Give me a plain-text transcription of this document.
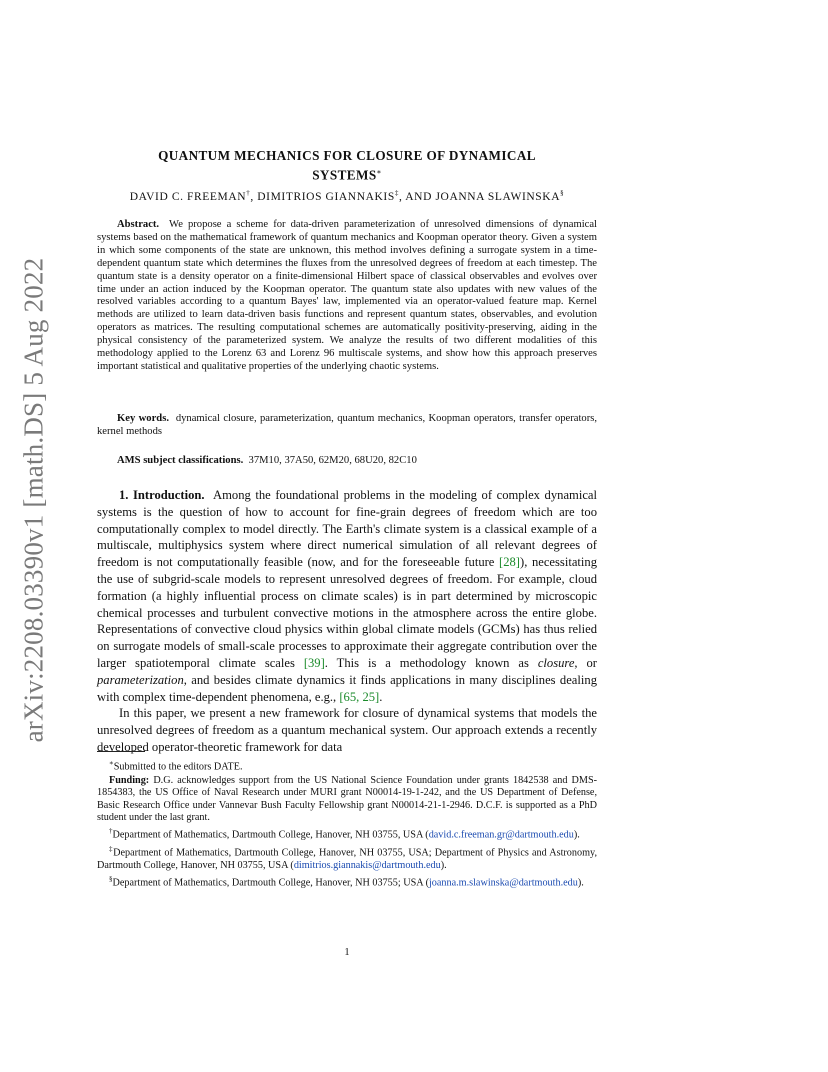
arXiv:2208.03390v1 [math.DS] 5 Aug 2022
QUANTUM MECHANICS FOR CLOSURE OF DYNAMICAL
SYSTEMS∗
DAVID C. FREEMAN†, DIMITRIOS GIANNAKIS‡, AND JOANNA SLAWINSKA§

Abstract. We propose a scheme for data-driven parameterization of unresolved dimensions of dynamical systems based on the mathematical framework of quantum mechanics and Koopman operator theory. Given a system in which some components of the state are unknown, this method involves defining a surrogate system in a time-dependent quantum state which determines the fluxes from the unresolved degrees of freedom at each timestep. The quantum state is a density operator on a finite-dimensional Hilbert space of classical observables and evolves over time under an action induced by the Koopman operator. The quantum state also updates with new values of the resolved variables according to a quantum Bayes' law, implemented via an operator-valued feature map. Kernel methods are utilized to learn data-driven basis functions and represent quantum states, observables, and evolution operators as matrices. The resulting computational schemes are automatically positivity-preserving, aiding in the physical consistency of the parameterized system. We analyze the results of two different modalities of this methodology applied to the Lorenz 63 and Lorenz 96 multiscale systems, and show how this approach preserves important statistical and qualitative properties of the underlying chaotic systems.

Key words. dynamical closure, parameterization, quantum mechanics, Koopman operators, transfer operators, kernel methods

AMS subject classifications. 37M10, 37A50, 62M20, 68U20, 82C10

1. Introduction. Among the foundational problems in the modeling of complex dynamical systems is the question of how to account for fine-grain degrees of freedom which are too computationally complex to model directly. The Earth's climate system is a classical example of a multiscale, multiphysics system where direct numerical simulation of all relevant degrees of freedom is not computationally feasible (now, and for the foreseeable future [28]), necessitating the use of subgrid-scale models to represent unresolved degrees of freedom. For example, cloud formation (a highly influential process on climate scales) is in part determined by microscopic chemical processes and turbulent convective motions in the atmosphere across the entire globe. Representations of convective cloud physics within global climate models (GCMs) has thus relied on surrogate models of small-scale processes to approximate their aggregate contribution over the larger spatiotemporal climate scales [39]. This is a methodology known as closure, or parameterization, and besides climate dynamics it finds applications in many disciplines dealing with complex time-dependent phenomena, e.g., [65, 25].

In this paper, we present a new framework for closure of dynamical systems that models the unresolved degrees of freedom as a quantum mechanical system. Our approach extends a recently developed operator-theoretic framework for data

∗Submitted to the editors DATE.

Funding: D.G. acknowledges support from the US National Science Foundation under grants 1842538 and DMS-1854383, the US Office of Naval Research under MURI grant N00014-19-1-242, and the US Department of Defense, Basic Research Office under Vannevar Bush Faculty Fellowship grant N00014-21-1-2946. D.C.F. is supported as a PhD student under the last grant.

†Department of Mathematics, Dartmouth College, Hanover, NH 03755, USA (david.c.freeman.gr@dartmouth.edu).

‡Department of Mathematics, Dartmouth College, Hanover, NH 03755, USA; Department of Physics and Astronomy, Dartmouth College, Hanover, NH 03755, USA (dimitrios.giannakis@dartmouth.edu).

§Department of Mathematics, Dartmouth College, Hanover, NH 03755; USA (joanna.m.slawinska@dartmouth.edu).

1
